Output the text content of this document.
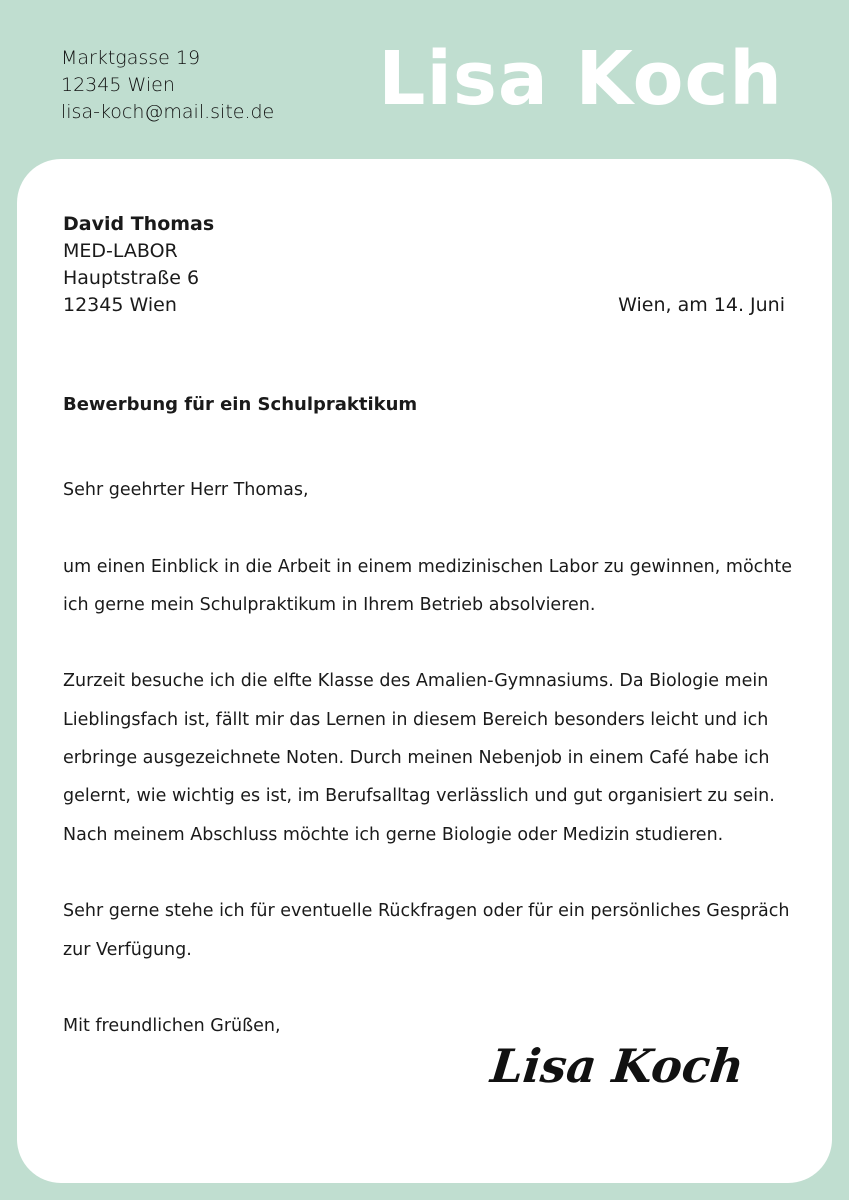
Marktgasse 19
12345 Wien
lisa-koch@mail.site.de Lisa Koch
David Thomas
MED-LABOR
Hauptstraße 6
12345 Wien	Wien, am 14. Juni
Bewerbung für ein Schulpraktikum

Sehr geehrter Herr Thomas,

um einen Einblick in die Arbeit in einem medizinischen Labor zu gewinnen, möchte ich gerne mein Schulpraktikum in Ihrem Betrieb absolvieren.

Zurzeit besuche ich die elfte Klasse des Amalien-Gymnasiums. Da Biologie mein Lieblingsfach ist, fällt mir das Lernen in diesem Bereich besonders leicht und ich erbringe ausgezeichnete Noten. Durch meinen Nebenjob in einem Café habe ich gelernt, wie wichtig es ist, im Berufsalltag verlässlich und gut organisiert zu sein. Nach meinem Abschluss möchte ich gerne Biologie oder Medizin studieren.

Sehr gerne stehe ich für eventuelle Rückfragen oder für ein persönliches Gespräch zur Verfügung.

Mit freundlichen Grüßen,

Lisa Koch
